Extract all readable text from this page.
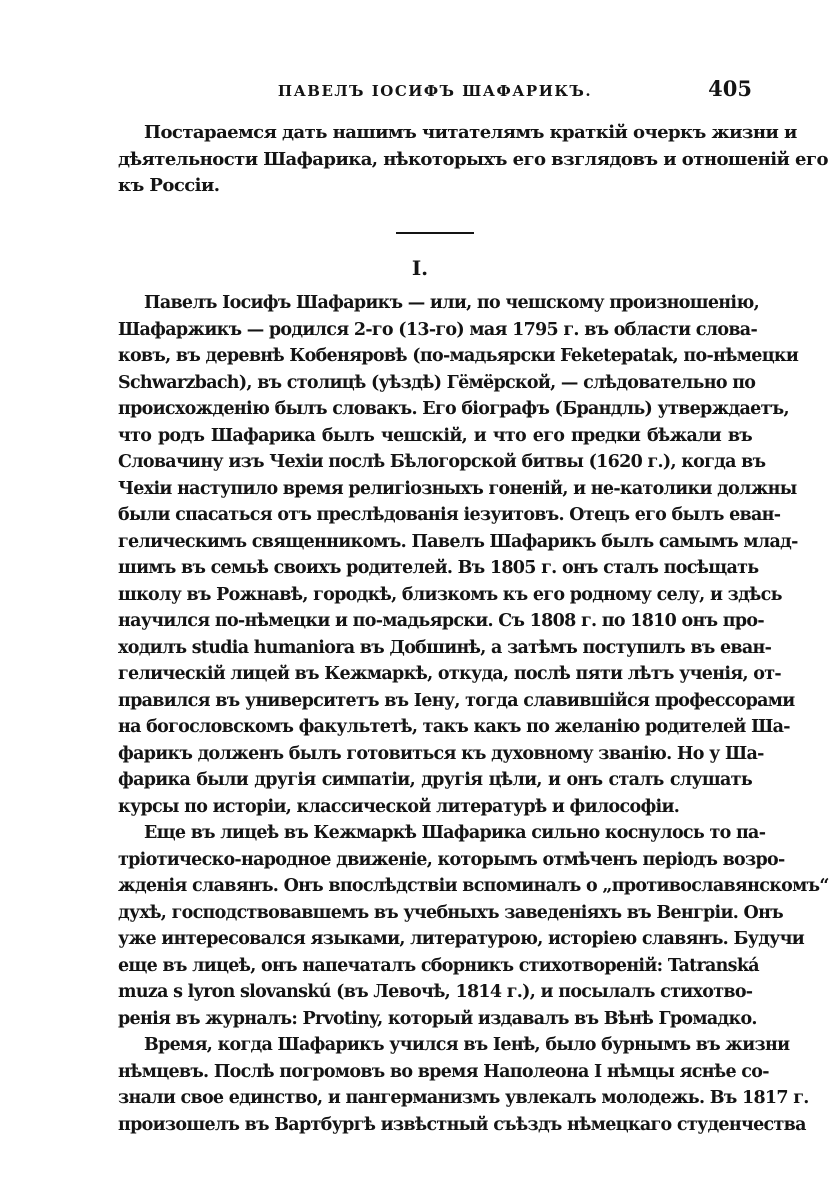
ПАВЕЛЪ ІОСИФЪ ШАФАРИКЪ.	405
Постараемся дать нашимъ читателямъ краткій очеркъ жизни и
дѣятельности Шафарика, нѣкоторыхъ его взглядовъ и отношеній его
къ Россіи.
I.

Павелъ Іосифъ Шафарикъ — или, по чешскому произношенію,
Шафаржикъ — родился 2-го (13-го) мая 1795 г. въ области слова-
ковъ, въ деревнѣ Кобеняровѣ (по-мадьярски Feketepatak, по-нѣмецки
Schwarzbach), въ столицѣ (уѣздѣ) Гёмёрской, — слѣдовательно по
происхожденію былъ словакъ. Его біографъ (Брандль) утверждаетъ,
что родъ Шафарика былъ чешскій, и что его предки бѣжали въ
Словачину изъ Чехіи послѣ Бѣлогорской битвы (1620 г.), когда въ
Чехіи наступило время религіозныхъ гоненій, и не-католики должны
были спасаться отъ преслѣдованія іезуитовъ. Отецъ его былъ еван-
гелическимъ священникомъ. Павелъ Шафарикъ былъ самымъ млад-
шимъ въ семьѣ своихъ родителей. Въ 1805 г. онъ сталъ посѣщать
школу въ Рожнавѣ, городкѣ, близкомъ къ его родному селу, и здѣсь
научился по-нѣмецки и по-мадьярски. Съ 1808 г. по 1810 онъ про-
ходилъ studia humaniora въ Добшинѣ, а затѣмъ поступилъ въ еван-
гелическій лицей въ Кежмаркѣ, откуда, послѣ пяти лѣтъ ученія, от-
правился въ университетъ въ Іену, тогда славившійся профессорами
на богословскомъ факультетѣ, такъ какъ по желанію родителей Ша-
фарикъ долженъ былъ готовиться къ духовному званію. Но у Ша-
фарика были другія симпатіи, другія цѣли, и онъ сталъ слушать
курсы по исторіи, классической литературѣ и философіи.

Еще въ лицеѣ въ Кежмаркѣ Шафарика сильно коснулось то па-
тріотическо-народное движеніе, которымъ отмѣченъ періодъ возро-
жденія славянъ. Онъ впослѣдствіи вспоминалъ о „противославянскомъ“
духѣ, господствовавшемъ въ учебныхъ заведеніяхъ въ Венгріи. Онъ
уже интересовался языками, литературою, исторіею славянъ. Будучи
еще въ лицеѣ, онъ напечаталъ сборникъ стихотвореній: Tatranská
muza s lyron slovanskú (въ Левочѣ, 1814 г.), и посылалъ стихотво-
ренія въ журналъ: Prvotiny, который издавалъ въ Вѣнѣ Громадко.

Время, когда Шафарикъ учился въ Іенѣ, было бурнымъ въ жизни
нѣмцевъ. Послѣ погромовъ во время Наполеона I нѣмцы яснѣе со-
знали свое единство, и пангерманизмъ увлекалъ молодежь. Въ 1817 г.
произошелъ въ Вартбургѣ извѣстный съѣздъ нѣмецкаго студенчества
